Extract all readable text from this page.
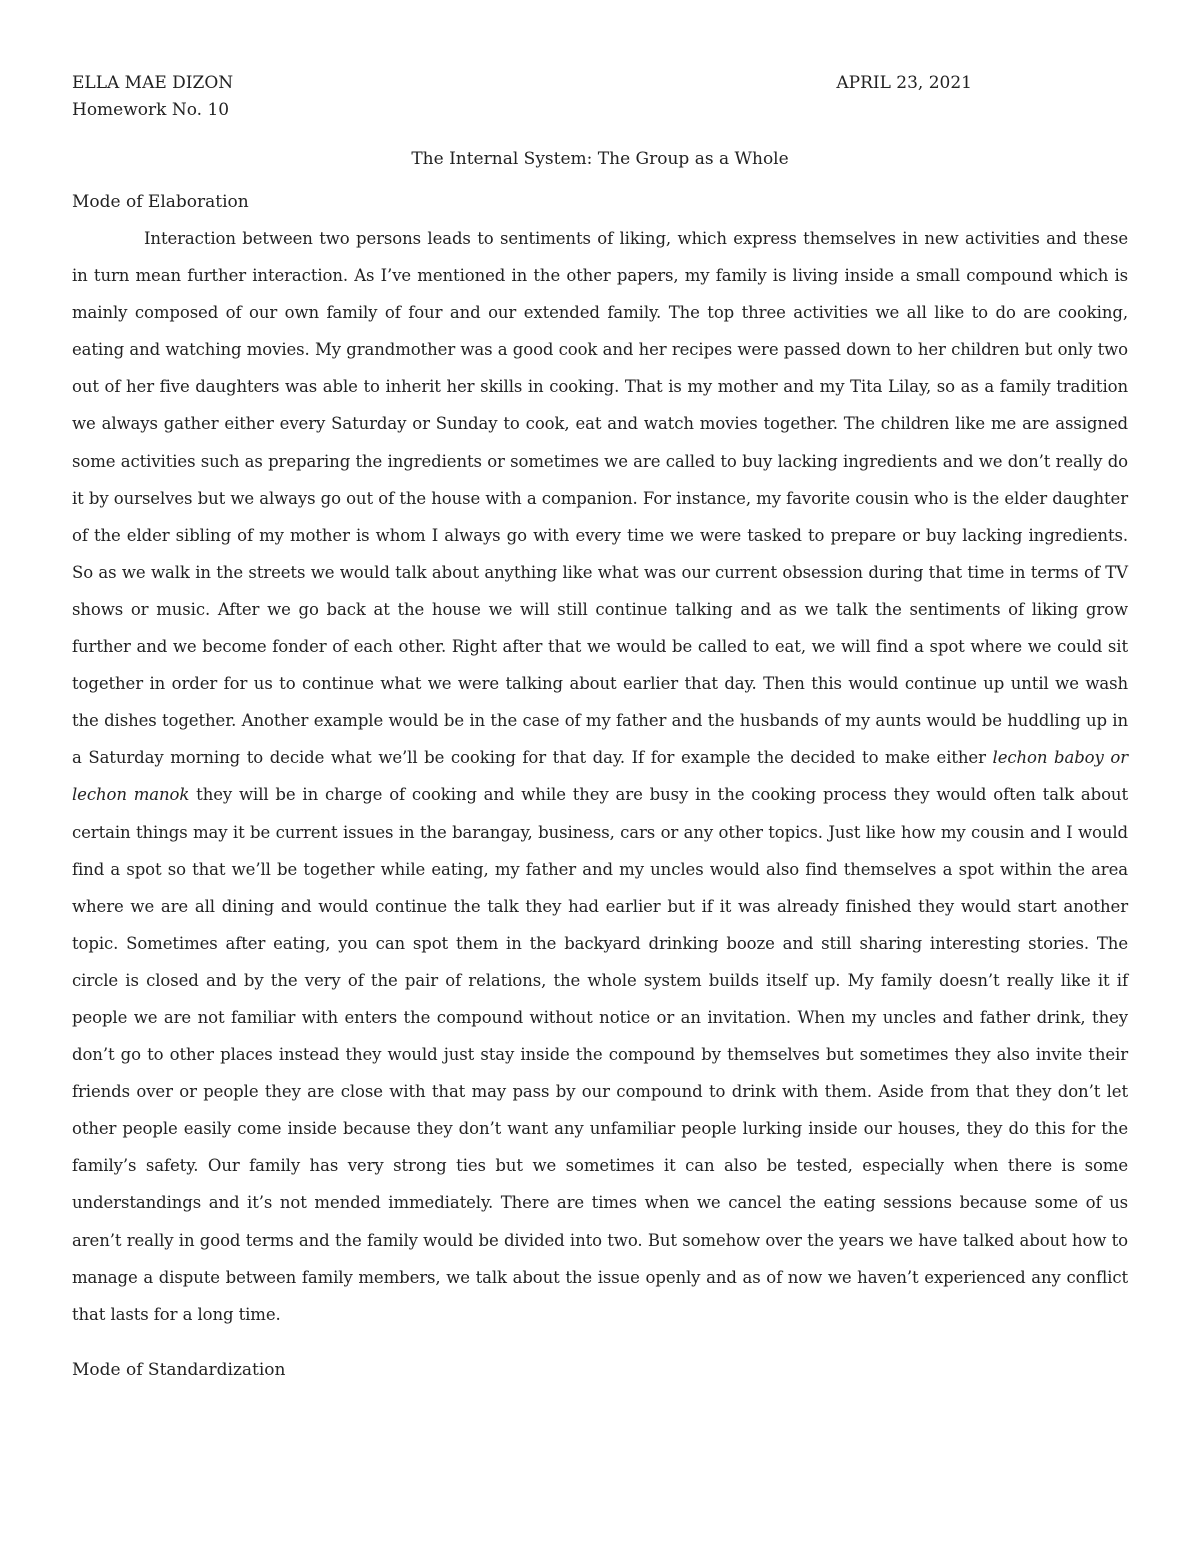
ELLA MAE DIZON	APRIL 23, 2021
Homework No. 10
The Internal System: The Group as a Whole
Mode of Elaboration

Interaction between two persons leads to sentiments of liking, which express themselves in new activities and these in turn mean further interaction. As I’ve mentioned in the other papers, my family is living inside a small compound which is mainly composed of our own family of four and our extended family. The top three activities we all like to do are cooking, eating and watching movies. My grandmother was a good cook and her recipes were passed down to her children but only two out of her five daughters was able to inherit her skills in cooking. That is my mother and my Tita Lilay, so as a family tradition we always gather either every Saturday or Sunday to cook, eat and watch movies together. The children like me are assigned some activities such as preparing the ingredients or sometimes we are called to buy lacking ingredients and we don’t really do it by ourselves but we always go out of the house with a companion. For instance, my favorite cousin who is the elder daughter of the elder sibling of my mother is whom I always go with every time we were tasked to prepare or buy lacking ingredients. So as we walk in the streets we would talk about anything like what was our current obsession during that time in terms of TV shows or music. After we go back at the house we will still continue talking and as we talk the sentiments of liking grow further and we become fonder of each other. Right after that we would be called to eat, we will find a spot where we could sit together in order for us to continue what we were talking about earlier that day. Then this would continue up until we wash the dishes together. Another example would be in the case of my father and the husbands of my aunts would be huddling up in a Saturday morning to decide what we’ll be cooking for that day. If for example the decided to make either lechon baboy or lechon manok they will be in charge of cooking and while they are busy in the cooking process they would often talk about certain things may it be current issues in the barangay, business, cars or any other topics. Just like how my cousin and I would find a spot so that we’ll be together while eating, my father and my uncles would also find themselves a spot within the area where we are all dining and would continue the talk they had earlier but if it was already finished they would start another topic. Sometimes after eating, you can spot them in the backyard drinking booze and still sharing interesting stories. The circle is closed and by the very of the pair of relations, the whole system builds itself up. My family doesn’t really like it if people we are not familiar with enters the compound without notice or an invitation. When my uncles and father drink, they don’t go to other places instead they would just stay inside the compound by themselves but sometimes they also invite their friends over or people they are close with that may pass by our compound to drink with them. Aside from that they don’t let other people easily come inside because they don’t want any unfamiliar people lurking inside our houses, they do this for the family’s safety. Our family has very strong ties but we sometimes it can also be tested, especially when there is some understandings and it’s not mended immediately. There are times when we cancel the eating sessions because some of us aren’t really in good terms and the family would be divided into two. But somehow over the years we have talked about how to manage a dispute between family members, we talk about the issue openly and as of now we haven’t experienced any conflict that lasts for a long time.

Mode of Standardization
